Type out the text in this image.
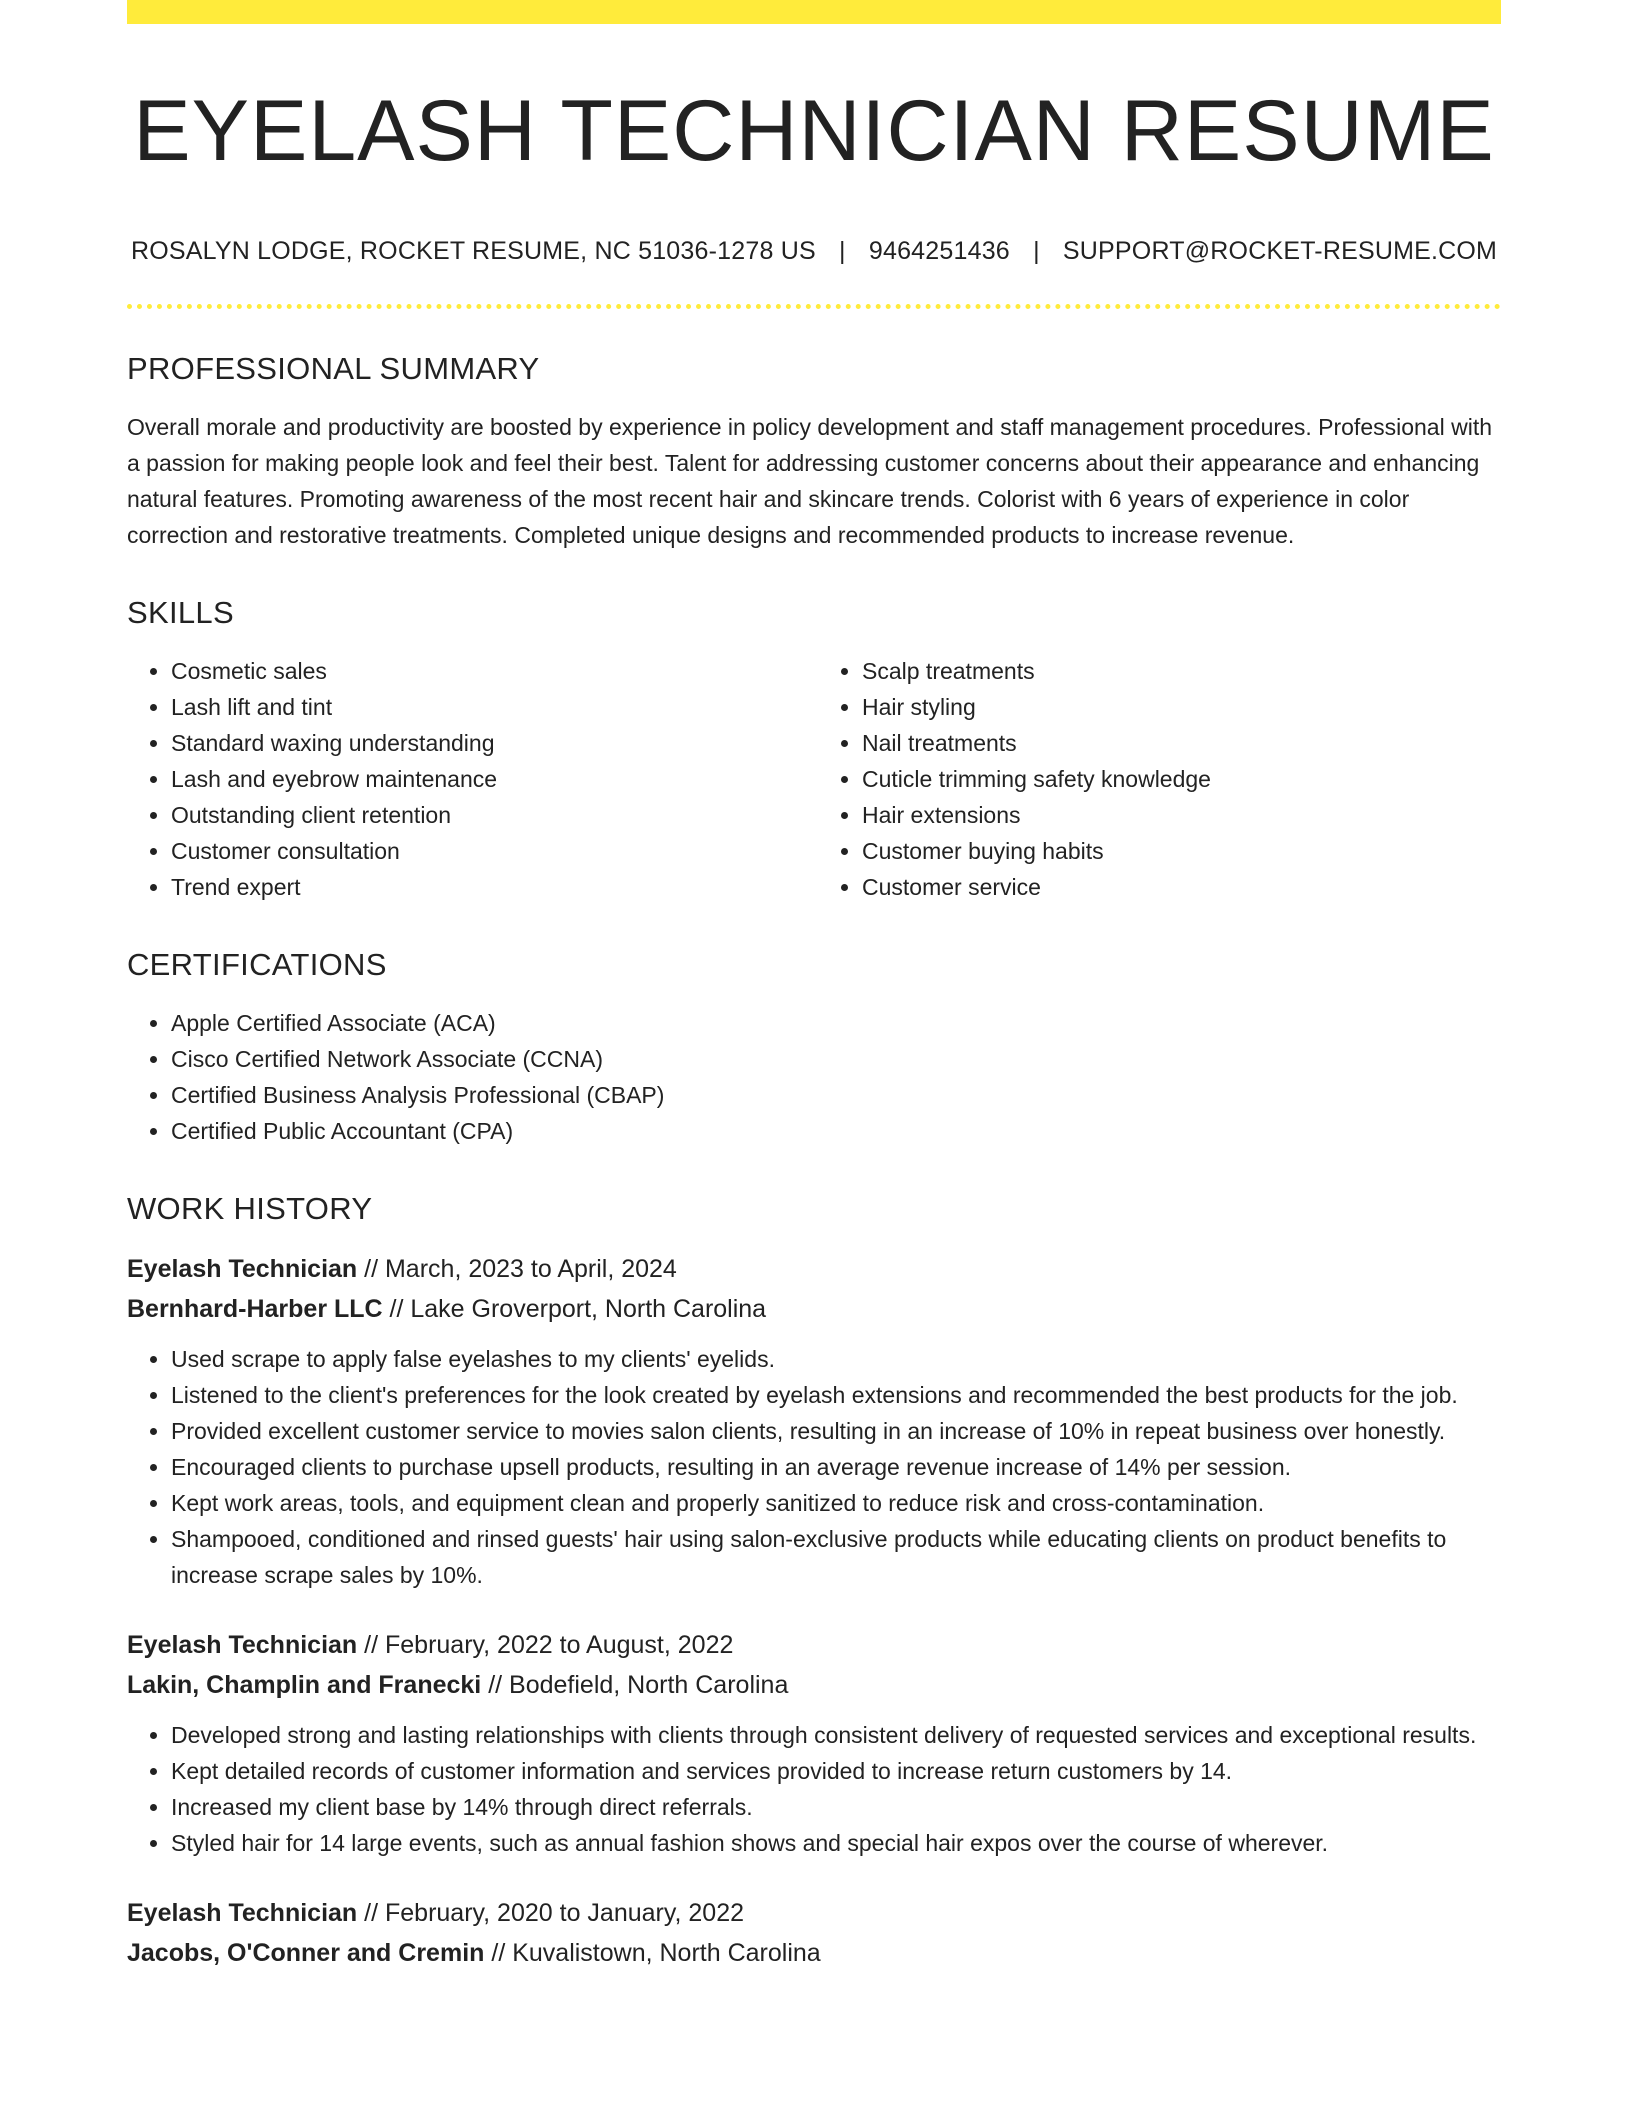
EYELASH TECHNICIAN RESUME
ROSALYN LODGE, ROCKET RESUME, NC 51036-1278 US | 9464251436 | SUPPORT@ROCKET-RESUME.COM
PROFESSIONAL SUMMARY

Overall morale and productivity are boosted by experience in policy development and staff management procedures. Professional with a passion for making people look and feel their best. Talent for addressing customer concerns about their appearance and enhancing natural features. Promoting awareness of the most recent hair and skincare trends. Colorist with 6 years of experience in color correction and restorative treatments. Completed unique designs and recommended products to increase revenue.

SKILLS
• Cosmetic sales
• Lash lift and tint
• Standard waxing understanding
• Lash and eyebrow maintenance
• Outstanding client retention
• Customer consultation
• Trend expert
• Scalp treatments
• Hair styling
• Nail treatments
• Cuticle trimming safety knowledge
• Hair extensions
• Customer buying habits
• Customer service
CERTIFICATIONS
• Apple Certified Associate (ACA)
• Cisco Certified Network Associate (CCNA)
• Certified Business Analysis Professional (CBAP)
• Certified Public Accountant (CPA)
WORK HISTORY
Eyelash Technician // March, 2023 to April, 2024
Bernhard-Harber LLC // Lake Groverport, North Carolina
• Used scrape to apply false eyelashes to my clients' eyelids.
• Listened to the client's preferences for the look created by eyelash extensions and recommended the best products for the job.
• Provided excellent customer service to movies salon clients, resulting in an increase of 10% in repeat business over honestly.
• Encouraged clients to purchase upsell products, resulting in an average revenue increase of 14% per session.
• Kept work areas, tools, and equipment clean and properly sanitized to reduce risk and cross-contamination.
• Shampooed, conditioned and rinsed guests' hair using salon-exclusive products while educating clients on product benefits to increase scrape sales by 10%.
Eyelash Technician // February, 2022 to August, 2022
Lakin, Champlin and Franecki // Bodefield, North Carolina
• Developed strong and lasting relationships with clients through consistent delivery of requested services and exceptional results.
• Kept detailed records of customer information and services provided to increase return customers by 14.
• Increased my client base by 14% through direct referrals.
• Styled hair for 14 large events, such as annual fashion shows and special hair expos over the course of wherever.
Eyelash Technician // February, 2020 to January, 2022
Jacobs, O'Conner and Cremin // Kuvalistown, North Carolina
